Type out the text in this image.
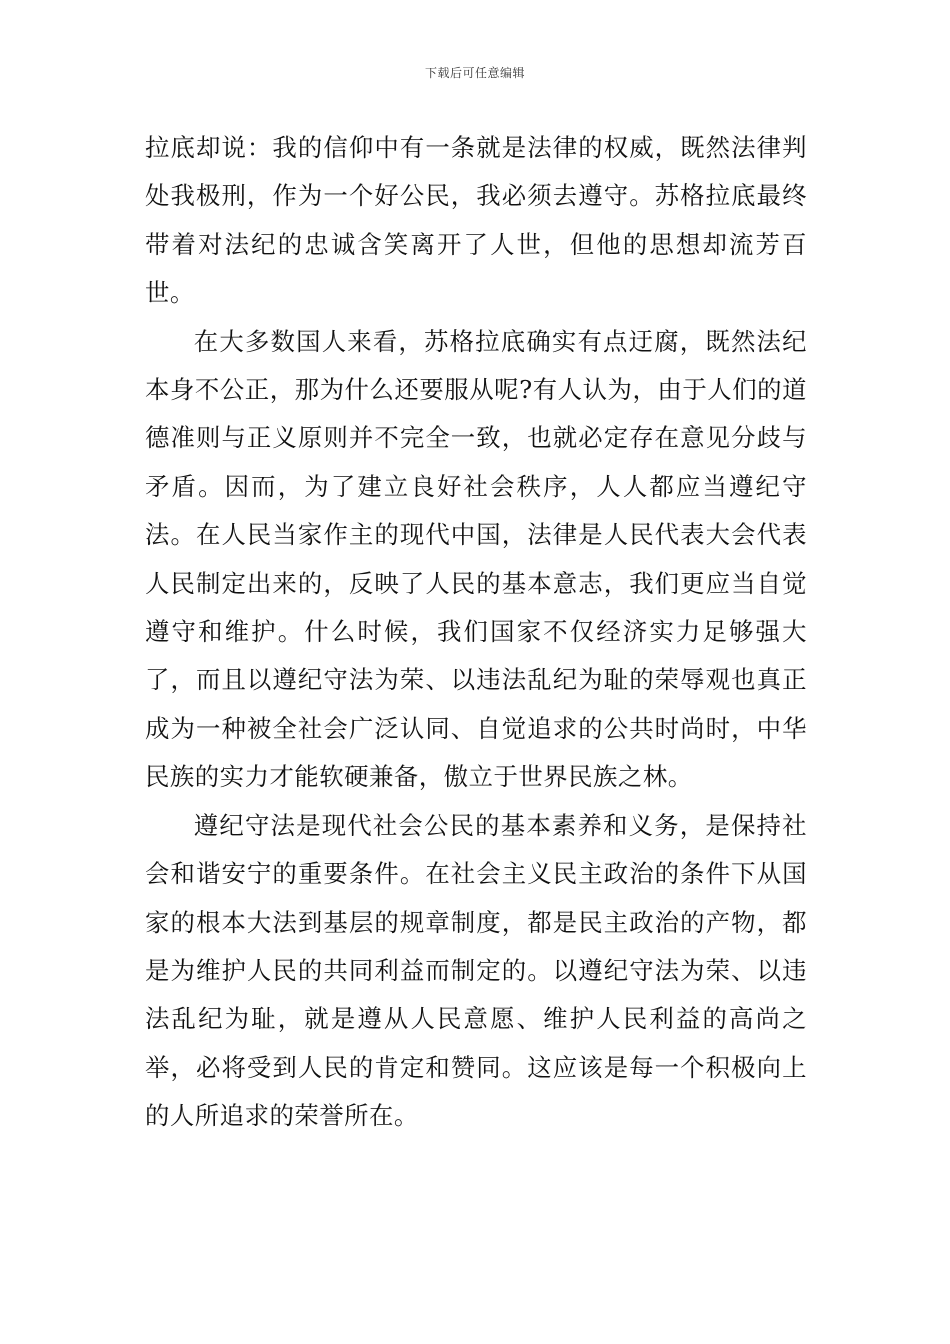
下载后可任意编辑

拉底却说：我的信仰中有一条就是法律的权威，既然法律判处我极刑，作为一个好公民，我必须去遵守。苏格拉底最终带着对法纪的忠诚含笑离开了人世，但他的思想却流芳百世。

在大多数国人来看，苏格拉底确实有点迂腐，既然法纪本身不公正，那为什么还要服从呢?有人认为，由于人们的道德准则与正义原则并不完全一致，也就必定存在意见分歧与矛盾。因而，为了建立良好社会秩序，人人都应当遵纪守法。在人民当家作主的现代中国，法律是人民代表大会代表人民制定出来的，反映了人民的基本意志，我们更应当自觉遵守和维护。什么时候，我们国家不仅经济实力足够强大了，而且以遵纪守法为荣、以违法乱纪为耻的荣辱观也真正成为一种被全社会广泛认同、自觉追求的公共时尚时，中华民族的实力才能软硬兼备，傲立于世界民族之林。

遵纪守法是现代社会公民的基本素养和义务，是保持社会和谐安宁的重要条件。在社会主义民主政治的条件下从国家的根本大法到基层的规章制度，都是民主政治的产物，都是为维护人民的共同利益而制定的。以遵纪守法为荣、以违法乱纪为耻，就是遵从人民意愿、维护人民利益的高尚之举，必将受到人民的肯定和赞同。这应该是每一个积极向上的人所追求的荣誉所在。
